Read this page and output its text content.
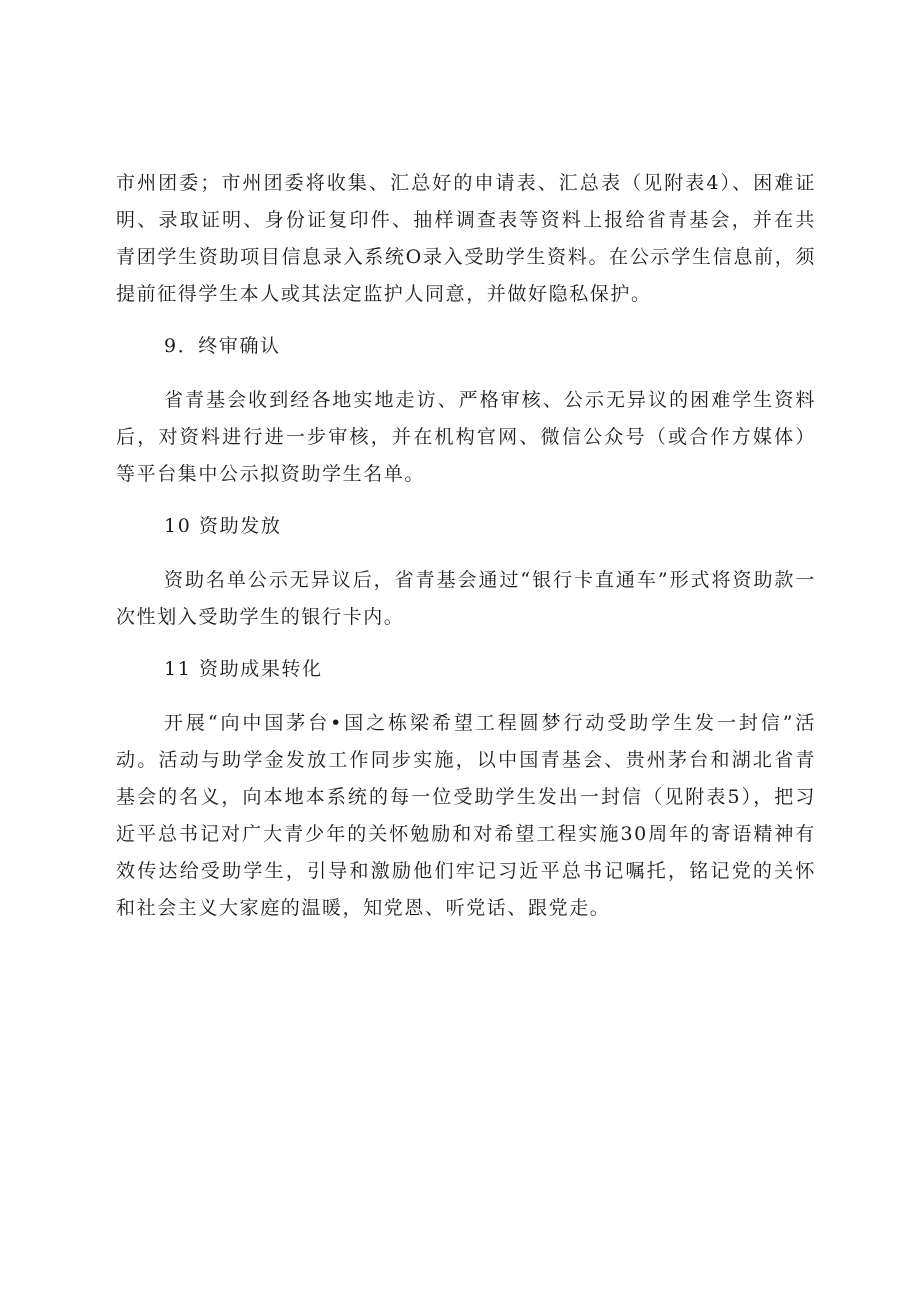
市州团委；市州团委将收集、汇总好的申请表、汇总表（见附表4）、困难证明、录取证明、身份证复印件、抽样调查表等资料上报给省青基会，并在共青团学生资助项目信息录入系统O录入受助学生资料。在公示学生信息前，须提前征得学生本人或其法定监护人同意，并做好隐私保护。

9．终审确认

省青基会收到经各地实地走访、严格审核、公示无异议的困难学生资料后，对资料进行进一步审核，并在机构官网、微信公众号（或合作方媒体）等平台集中公示拟资助学生名单。

10 资助发放

资助名单公示无异议后，省青基会通过“银行卡直通车”形式将资助款一次性划入受助学生的银行卡内。

11 资助成果转化

开展“向中国茅台•国之栋梁希望工程圆梦行动受助学生发一封信”活动。活动与助学金发放工作同步实施，以中国青基会、贵州茅台和湖北省青基会的名义，向本地本系统的每一位受助学生发出一封信（见附表5），把习近平总书记对广大青少年的关怀勉励和对希望工程实施30周年的寄语精神有效传达给受助学生，引导和激励他们牢记习近平总书记嘱托，铭记党的关怀和社会主义大家庭的温暖，知党恩、听党话、跟党走。
